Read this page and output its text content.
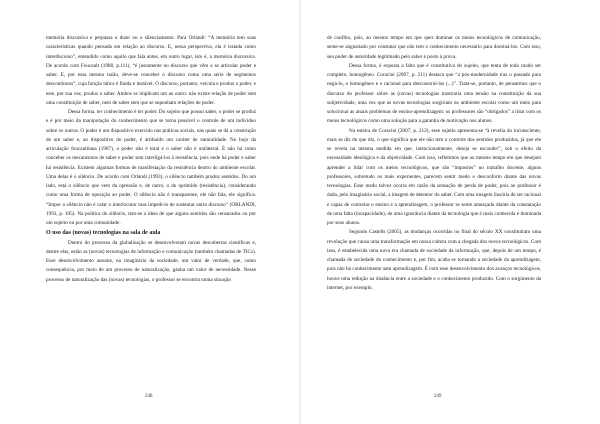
memória discursiva e perpassa o dizer ou o silenciamento. Para Orlandi: “A memória tem suas características quando pensada em relação ao discurso. E, nessa perspectiva, ela é tratada como interdiscurso”, entendido como aquilo que fala antes, em outro lugar, isto é, a memória discursiva. De acordo com Foucault (1988, p.111), “é justamente no discurso que vêm a se articular poder e saber. E, por essa mesma razão, deve-se conceber o discurso como uma série de segmentos descontínuos”, cuja função tática é fluida e instável. O discurso, portanto, veicula e produz o poder, e este, por sua vez, produz o saber. Ambos se implicam um ao outro: não existe relação de poder sem uma constituição de saber, nem de saber sem que se suponham relações de poder.

Dessa forma, ter conhecimento é ter poder. Do sujeito que possui saber, o poder se produz e é por meio da manipulação do conhecimento que se torna possível o controle de um indivíduo sobre os outros. O poder é um dispositivo exercido nas práticas sociais, nas quais se dá a construção de um saber e, ao dispositivo do poder, é atribuído um caráter de naturalidade. No bojo da articulação foucaultiana (1987), o poder não é total e o saber não é unilateral. É não há como conceber os mecanismos de saber e poder sem interligá-los à resistência, pois onde há poder e saber há resistência. Existem algumas formas de manifestação da resistência dentro do ambiente escolar. Uma delas é o silêncio. De acordo com Orlandi (1993), o silêncio também produz sentidos. Do um lado, está o silêncio que vem da opressão e, de outro, o do oprimido (resistência), considerando como uma forma de oposição ao poder. O silêncio não é transparente, ele não fala, ele significa. “Impor o silêncio não é calar o interlocutor mas impedi-lo de sustentar outro discurso” (ORLANDI, 1993, p. 105). Na política do silêncio, tem-se a ideia de que alguns sentidos são censurados ou por um sujeito ou por uma comunidade.

O uso das (novas) tecnologias na sala de aula

Dentro do processo da globalização se desenvolveram novas descobertas científicas e, dentre elas, estão as (novas) tecnologias de informação e comunicação (também chamadas de TICs). Esse desenvolvimento assume, no imaginário da sociedade, um valor de verdade, que, como consequência, por meio de um processo de naturalização, ganha um valor de necessidade. Nesse processo de naturalização das (novas) tecnologias, o professor se encontra numa situação

248

de conflito, pois, ao mesmo tempo em que quer dominar os meios tecnológicos de comunicação, sente-se angustiado por constatar que não tem o conhecimento necessário para dominá-los. Com isso, seu poder de autoridade legitimado pelo saber é posto à prova.

Dessa forma, é exposta a falta que é constitutiva do sujeito, que tenta de todo modo ser completo, homogêneo. Coracini (2007, p. 211) destaca que “a pós-modernidade traz o passado para negá-lo, o homogêneo e o racional para desconstruí-los (...)”. Trata-se, portanto, de pensarmos que o discurso do professor sobre as (novas) tecnologias mostraria uma tensão na constituição da sua subjetividade, uma vez que as novas tecnologias surgiriam no ambiente escolar como um meio para solucionar as atuais problemas de ensino-aprendizagem: os professores são “obrigados” a lidar com os meios tecnológicos como uma solução para a garantia de motivação nos alunos.

Na esteira de Coracini (2007, p. 212), esse sujeito apresenta-se “à revelia do inconsciente, mais se diz do que diz, o que significa que ele não tem o controle dos sentidos produzidos, já que ele se revela na mesma medida em que, intencionalmente, deseja se esconder”, sob o efeito da necessidade ideológica e da objetividade. Com isso, refletimos que ao mesmo tempo em que desejam aprender a lidar com os meios tecnológicos, que são “impostos” no trabalho docente, alguns professores, sobretudo os mais experientes, parecem sentir medo e desconforto diante das novas tecnologias. Esse medo talvez ocorra em razão da sensação de perda de poder, pois ao professor é dada, pelo imaginário social, a imagem de detentor do saber. Com uma imagem ilusória de ser racional e capaz de controlar o ensino e a aprendizagem, o professor se sente ameaçado diante da constatação de uma falta (incapacidade), de uma ignorância diante da tecnologia que é mais conhecida e dominada por seus alunos.

Segundo Castells (2005), as mudanças ocorridas no final do século XX constituíram uma revolução que causa uma transformação em nossa cultura com a chegada dos novos tecnológicos. Com isso, é estabelecida uma nova era chamada de sociedade da informação, que, depois de um tempo, é chamada de sociedade do conhecimento e, por fim, acaba se tornando a sociedade da aprendizagem, pois não há conhecimento sem aprendizagem. É com esse desenvolvimento dos avanços tecnológicos, houve uma redução na distância entre a sociedade e o conhecimento produzido. Com o surgimento da internet, por exemplo,

249
